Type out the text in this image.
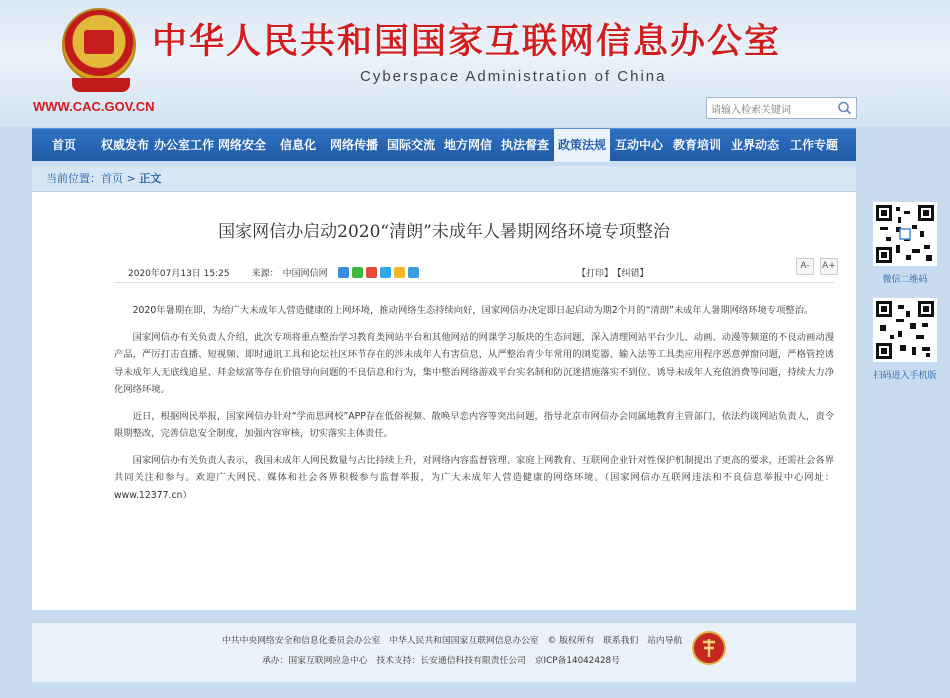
中华人民共和国国家互联网信息办公室
Cyberspace Administration of China
WWW.CAC.GOV.CN
请输入检索关键词
首页	权威发布 办公室工作 网络安全	信息化	网络传播 国际交流 地方网信 执法督查 政策法规 互动中心 教育培训 业界动态 工作专题
当前位置：首页 > 正文
国家网信办启动2020“清朗”未成年人暑期网络环境专项整治
2020年07月13日 15:25 来源： 中国网信网	【打印】 【纠错】
A-	A+

2020年暑期在即，为给广大未成年人营造健康的上网环境，推动网络生态持续向好，国家网信办决定即日起启动为期2个月的“清朗”未成年人暑期网络环境专项整治。

国家网信办有关负责人介绍，此次专项将重点整治学习教育类网站平台和其他网站的网课学习版块的生态问题，深入清理网站平台少儿、动画、动漫等频道的不良动画动漫产品，严厉打击直播、短视频、即时通讯工具和论坛社区环节存在的涉未成年人有害信息，从严整治青少年常用的浏览器、输入法等工具类应用程序恶意弹窗问题，严格管控诱导未成年人无底线追星、拜金炫富等存在价值导向问题的不良信息和行为，集中整治网络游戏平台实名制和防沉迷措施落实不到位、诱导未成年人充值消费等问题，持续大力净化网络环境。

近日，根据网民举报，国家网信办针对“学而思网校”APP存在低俗视频、散唤早恋内容等突出问题，指导北京市网信办会同属地教育主管部门，依法约谈网站负责人，责令限期整改，完善信息安全制度，加强内容审核，切实落实主体责任。

国家网信办有关负责人表示，我国未成年人网民数量与占比持续上升，对网络内容监督管理、家庭上网教育、互联网企业针对性保护机制提出了更高的要求，还需社会各界共同关注和参与。欢迎广大网民、媒体和社会各界积极参与监督举报，为广大未成年人营造健康的网络环境。（国家网信办互联网违法和不良信息举报中心网址：www.12377.cn）

中共中央网络安全和信息化委员会办公室 中华人民共和国国家互联网信息办公室 © 版权所有 联系我们 站内导航
承办：国家互联网应急中心 技术支持：长安通信科技有限责任公司 京ICP备14042428号
微信二维码
扫码进入手机版
